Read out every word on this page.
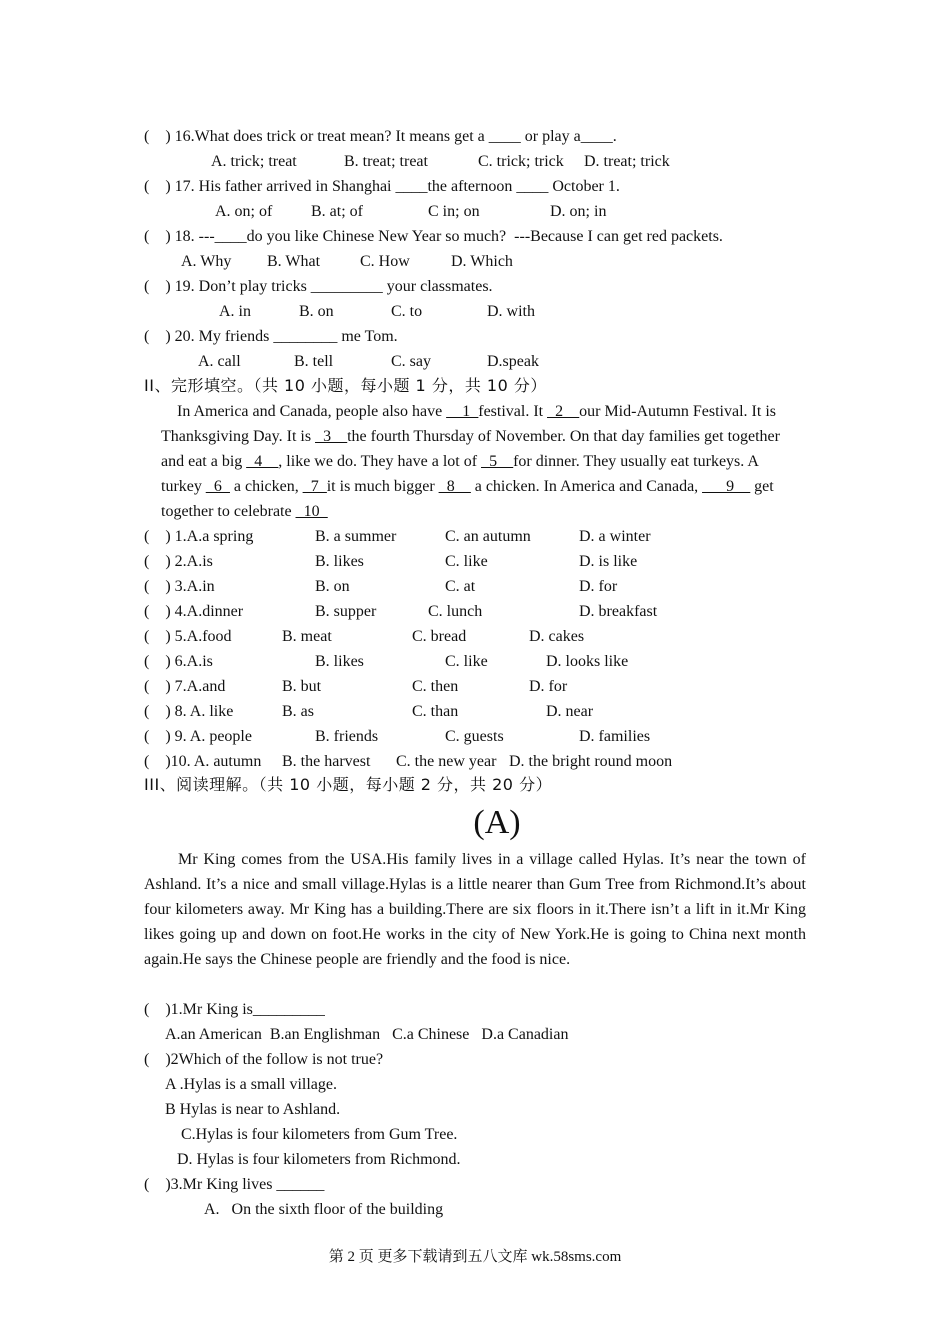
(    ) 16.What does trick or treat mean? It means get a ____ or play a____.
A. trick; treat	B. treat; treat	C. trick; trick D. treat; trick
(    ) 17. His father arrived in Shanghai ____the afternoon ____ October 1.
A. on; of B. at; of	C in; on	D. on; in
(    ) 18. ---____do you like Chinese New Year so much?  ---Because I can get red packets.
A. Why B. What C. How	D. Which
(    ) 19. Don’t play tricks _________ your classmates.
A. in	B. on	C. to	D. with
(    ) 20. My friends ________ me Tom.
A. call	B. tell	C. say	D.speak
II、完形填空。（共 10 小题，每小题 1 分，共 10 分）
In America and Canada, people also have __1_festival. It _2__our Mid-Autumn Festival. It is
Thanksgiving Day. It is _3__the fourth Thursday of November. On that day families get together
and eat a big _4__, like we do. They have a lot of _5__for dinner. They usually eat turkeys. A
turkey _6_ a chicken, _7_it is much bigger _8__ a chicken. In America and Canada, ___9__ get
together to celebrate _10_
(    ) 1.A.a spring	B. a summer	C. an autumn	D. a winter
(    ) 2.A.is	B. likes	C. like	D. is like
(    ) 3.A.in	B. on	C. at	D. for
(    ) 4.A.dinner	B. supper	C. lunch	D. breakfast
(    ) 5.A.food	B. meat	C. bread	D. cakes
(    ) 6.A.is	B. likes	C. like	D. looks like
(    ) 7.A.and	B. but	C. then	D. for
(    ) 8. A. like	B. as	C. than	D. near
(    ) 9. A. people	B. friends	C. guests	D. families
(    )10. A. autumn B. the harvest C. the new year D. the bright round moon
III、阅读理解。（共 10 小题，每小题 2 分，共 20 分）
(A)

Mr King comes from the USA.His family lives in a village called Hylas. It’s near the town of Ashland. It’s a nice and small village.Hylas is a little nearer than Gum Tree from Richmond.It’s about four kilometers away. Mr King has a building.There are six floors in it.There isn’t a lift in it.Mr King likes going up and down on foot.He works in the city of New York.He is going to China next month again.He says the Chinese people are friendly and the food is nice.

(    )1.Mr King is_________
A.an American  B.an Englishman   C.a Chinese   D.a Canadian
(    )2Which of the follow is not true?
A .Hylas is a small village.
B Hylas is near to Ashland.
C.Hylas is four kilometers from Gum Tree.
D. Hylas is four kilometers from Richmond.
(    )3.Mr King lives ______
A.   On the sixth floor of the building
第 2 页 更多下载请到五八文库 wk.58sms.com
